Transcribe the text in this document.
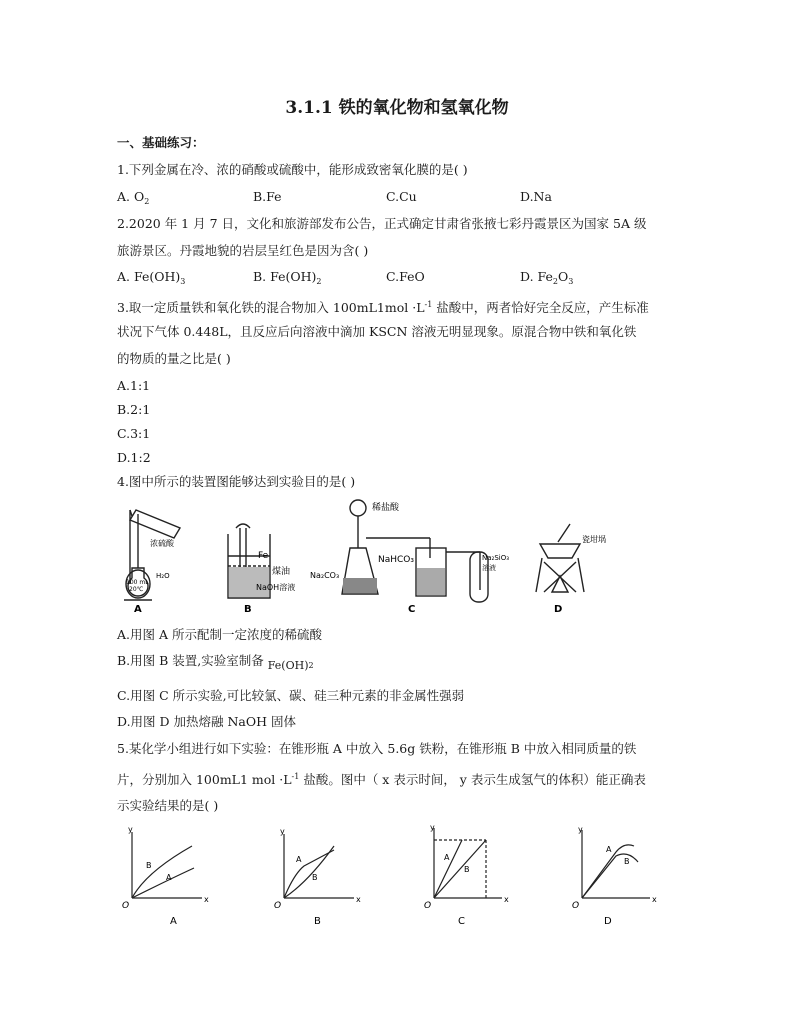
3.1.1 铁的氧化物和氢氧化物
一、基础练习：
1.下列金属在冷、浓的硝酸或硫酸中，能形成致密氧化膜的是( )
A. $O_2$	B.Fe	C.Cu	D.Na
2.2020 年 1 月 7 日，文化和旅游部发布公告，正式确定甘肃省张掖七彩丹霞景区为国家 5A 级
旅游景区。丹霞地貌的岩层呈红色是因为含( )
A. $Fe(OH)_3$	B. $Fe(OH)_2$	C.FeO	D. $Fe_2O_3$
3.取一定质量铁和氧化铁的混合物加入 $100mL1mol \cdot L^{-1}$ 盐酸中，两者恰好完全反应，产生标准
状况下气体 0.448L，且反应后向溶液中滴加 KSCN 溶液无明显现象。原混合物中铁和氧化铁
的物质的量之比是( )
A.1:1
B.2:1
C.3:1
D.1:2
4.图中所示的装置图能够达到实验目的是( )
浓硫酸
100 mL
20℃
H₂O
A
Fe
煤油
NaOH溶液
B
稀盐酸
Na₂CO₃
NaHCO₃	Na₂SiO₃
溶液
C
瓷坩埚
D
A.用图 A 所示配制一定浓度的稀硫酸
B.用图 B 装置,实验室制备 $Fe(OH)_2$
C.用图 C 所示实验,可比较氯、碳、硅三种元素的非金属性强弱
D.用图 D 加热熔融 NaOH 固体
5.某化学小组进行如下实验：在锥形瓶 A 中放入 5.6g 铁粉，在锥形瓶 B 中放入相同质量的铁
片，分别加入 100mL1 mol $\cdot L^{-1}$ 盐酸。图中（ x 表示时间， y 表示生成氢气的体积）能正确表
示实验结果的是( )
y
x
O
B
A
A
y
x
O
A
B
B
y
x
O
A
B
C
y
x
O
A
B
D
